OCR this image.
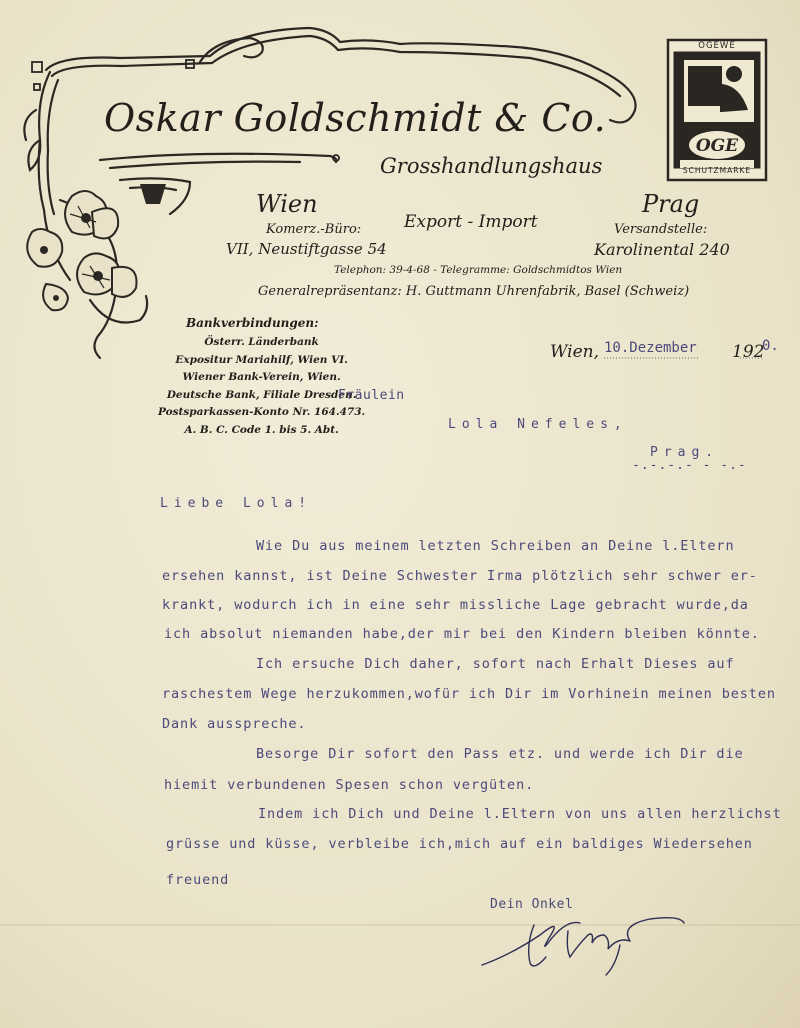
OGE
OGEWE
SCHUTZMARKE
Oskar Goldschmidt & Co.
Grosshandlungshaus
Wien
Komerz.-Büro:
VII, Neustiftgasse 54
Export - Import
Prag
Versandstelle:
Karolinental 240
Telephon: 39-4-68 - Telegramme: Goldschmidtos Wien
Generalrepräsentanz: H. Guttmann Uhrenfabrik, Basel (Schweiz)
Bankverbindungen:
Österr. Länderbank
Expositur Mariahilf, Wien VI.
Wiener Bank-Verein, Wien.
Deutsche Bank, Filiale Dresden.
Postsparkassen-Konto Nr. 164.473.
A. B. C. Code 1. bis 5. Abt.
Wien, 10.Dezember 192
0.
Fräulein
Lola Nefeles,
Prag.
-.-.-.- - -.-
Liebe Lola!
Wie Du aus meinem letzten Schreiben an Deine l.Eltern
ersehen kannst, ist Deine Schwester Irma plötzlich sehr schwer er-
krankt, wodurch ich in eine sehr missliche Lage gebracht wurde,da
ich absolut niemanden habe,der mir bei den Kindern bleiben könnte.
Ich ersuche Dich daher, sofort nach Erhalt Dieses auf
raschestem Wege herzukommen,wofür ich Dir im Vorhinein meinen besten
Dank ausspreche.
Besorge Dir sofort den Pass etz. und werde ich Dir die
hiemit verbundenen Spesen schon vergüten.
Indem ich Dich und Deine l.Eltern von uns allen herzlichst
grüsse und küsse, verbleibe ich,mich auf ein baldiges Wiedersehen
freuend
Dein Onkel
